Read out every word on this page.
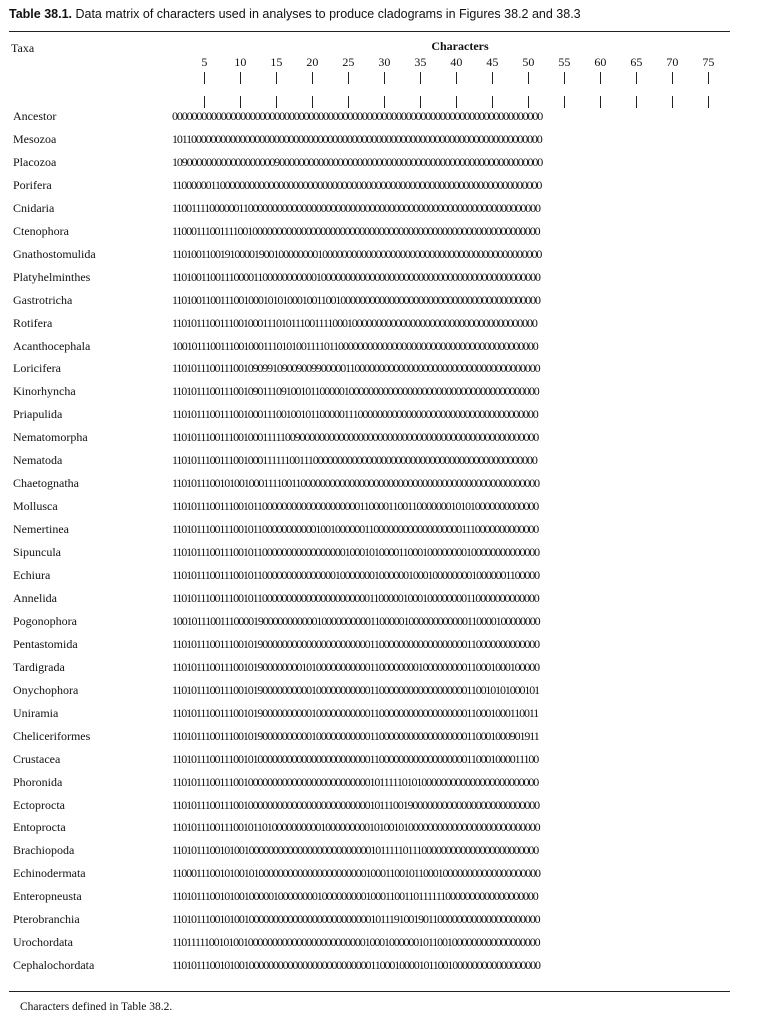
Table 38.1. Data matrix of characters used in analyses to produce cladograms in Figures 38.2 and 38.3
Taxa	Characters
5	10	15	20	25	30	35	40	45	50	55	60	65	70	75
Ancestor	0000000000000000000000000000000000000000000000000000000000000000000000000000
Mesozoa	1011000000000000000000000000000000000000000000000000000000000000000000000000
Placozoa	1090000000000000000009000000000000000000000000000000000000000000000000000000
Porifera	1100000011000000000000000000000000000000000000000000000000000000000000000000
Cnidaria	1100111100000011000000000000000000000000000000000000000000000000000000000000
Ctenophora	1100011100111100100000000000000000000000000000000000000000000000000000000000
Gnathostomulida	1101001100191000019001000000001000000000000000000000000000000000000000000000
Platyhelminthes	1101001100111000011000000000001000000000000000000000000000000000000000000000
Gastrotricha	1101001100111001000101010001001100100000000000000000000000000000000000000000
Rotifera	1101011100111001000111010111001111000100000000000000000000000000000000000000
Acanthocephala	1001011100111001000111010100111101100000000000000000000000000000000000000000
Loricifera	1101011100111001090991090090099000001100000000000000000000000000000000000000
Kinorhyncha	1101011100111001090111091001011000001000000000000000000000000000000000000000
Priapulida	1101011100111001000111001001011000001110000000000000000000000000000000000000
Nematomorpha	1101011100111001000111110090000000000000000000000000000000000000000000000000
Nematoda	1101011100111001000111111001110000000000000000000000000000000000000000000000
Chaetognatha	1101011100101001000111100110000000000000000000000000000000000000000000000000
Mollusca	1101011100111001011000000000000000000001100001100110000000101010000000000000
Nemertinea	1101011100111001011000000000001001000000110000000000000000001110000000000000
Sipuncula	1101011100111001011000000000000000001000101000011000100000000100000000000000
Echiura	1101011100111001011000000000000000100000001000000100010000000010000001100000
Annelida	1101011100111001011000000000000000000000011000001000100000000110000000000000
Pogonophora	1001011100111000019000000000001000000000011000001000000000000110000100000000
Pentastomida	1101011100111001019000000000000000000000011000000000000000000110000000000000
Tardigrada	1101011100111001019000000001010000000000011000000001000000000110001000100000
Onychophora	1101011100111001019000000000010000000000011000000000000000000110010101000101
Uniramia	1101011100111001019000000000010000000000011000000000000000000110001000110011
Cheliceriformes	1101011100111001019000000000010000000000011000000000000000000110001000901911
Crustacea	1101011100111001010000000000000000000000011000000000000000000110001000011100
Phoronida	1101011100111001000000000000000000000000010111110101000000000000000000000000
Ectoprocta	1101011100111001000000000000000000000000010111001900000000000000000000000000
Entoprocta	1101011100111001011010000000000100000000010100101000000000000000000000000000
Brachiopoda	1101011100101001000000000000000000000000010111110111000000000000000000000000
Echinodermata	1100011100101001010000000000000000000000100011001011000100000000000000000000
Enteropneusta	1101011100101001000001000000001000000000100011001101111110000000000000000000
Pterobranchia	1101011100101001000000000000000000000000010111910019011000000000000000000000
Urochordata	1101111100101001000000000000000000000000100010000001011001000000000000000000
Cephalochordata	1101011100101001000000000000000000000000011000100001011001000000000000000000
Characters defined in Table 38.2.
